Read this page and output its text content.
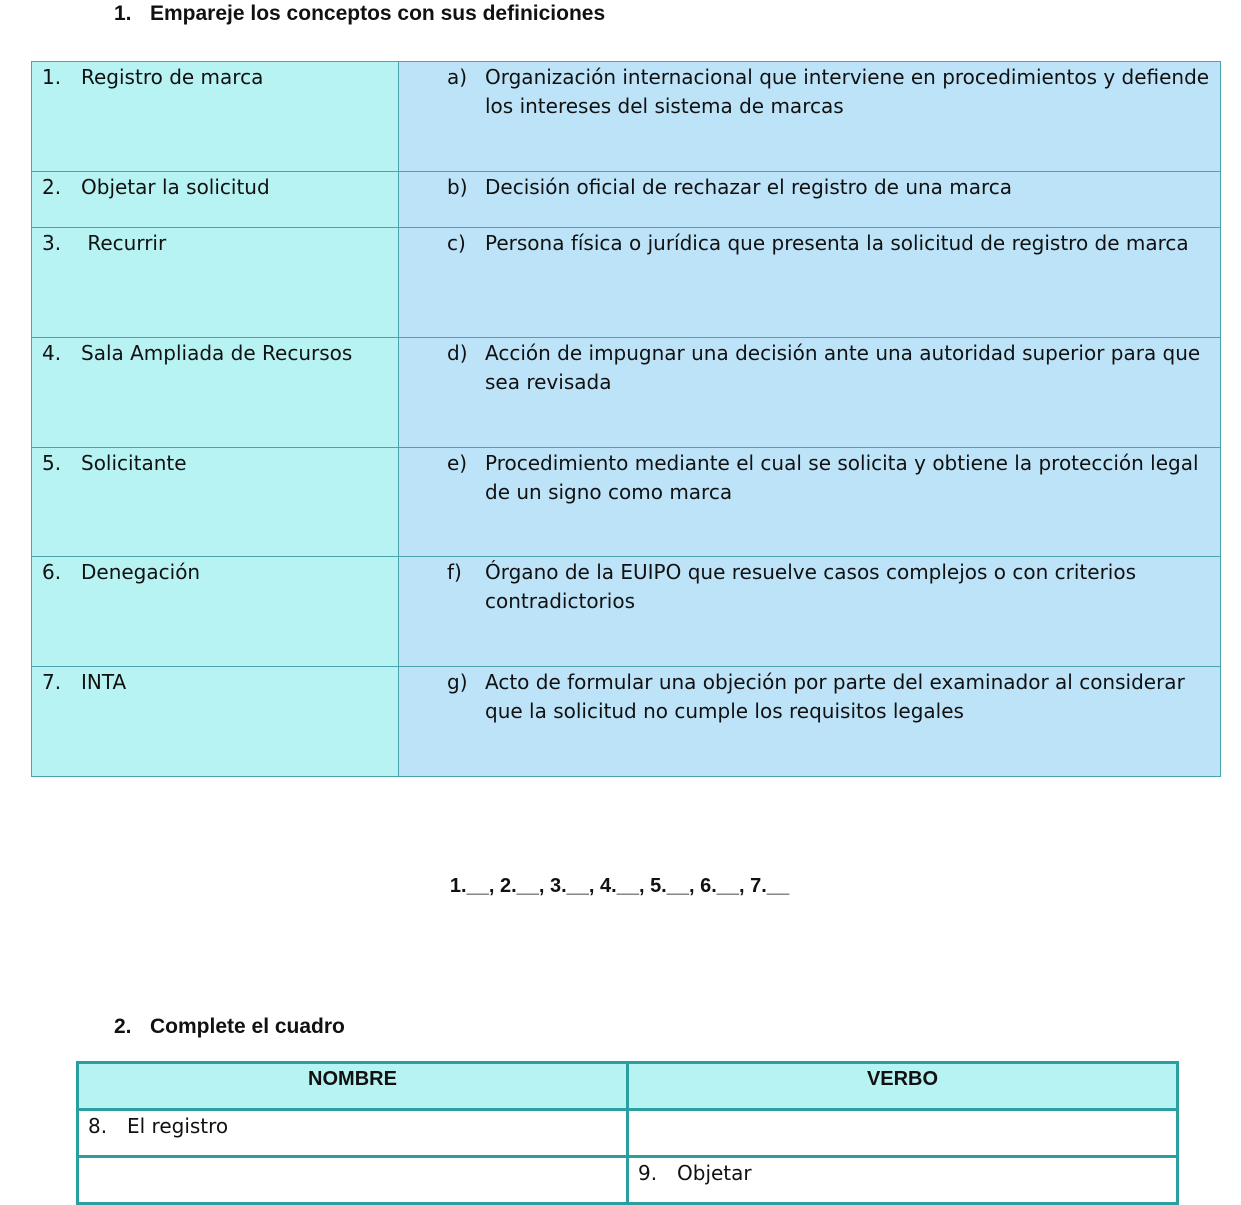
1. Empareje los conceptos con sus definiciones
1. Registro de marca	a) Organización internacional que interviene en procedimientos y defiende los intereses del sistema de marcas

2. Objetar la solicitud	b) Decisión oficial de rechazar el registro de una marca

3. Recurrir	c) Persona física o jurídica que presenta la solicitud de registro de marca

4. Sala Ampliada de Recursos	d) Acción de impugnar una decisión ante una autoridad superior para que sea revisada

5. Solicitante	e) Procedimiento mediante el cual se solicita y obtiene la protección legal de un signo como marca

6. Denegación	f) Órgano de la EUIPO que resuelve casos complejos o con criterios contradictorios

7. INTA	g) Acto de formular una objeción por parte del examinador al considerar que la solicitud no cumple los requisitos legales
1.__, 2.__, 3.__, 4.__, 5.__, 6.__, 7.__
2. Complete el cuadro
NOMBRE	VERBO

8. El registro	

	9. Objetar
